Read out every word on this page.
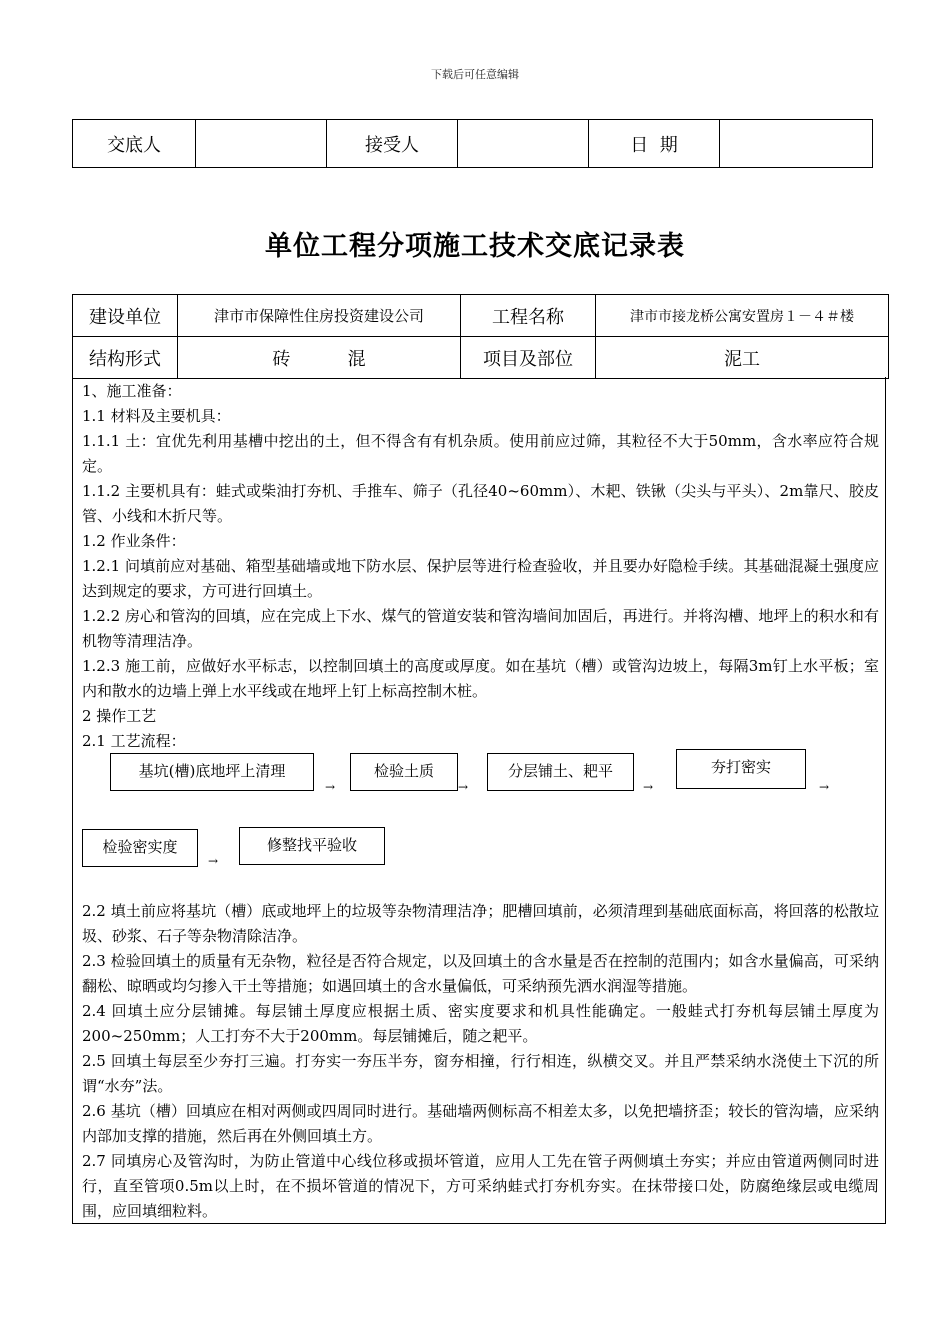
下载后可任意编辑
交底人		接受人		日  期	
单位工程分项施工技术交底记录表
建设单位	津市市保障性住房投资建设公司	工程名称	津市市接龙桥公寓安置房１－４＃楼
结构形式	砖          混	项目及部位	泥工

1、施工准备：

1.1 材料及主要机具：

1.1.1 土：宜优先利用基槽中挖出的土，但不得含有有机杂质。使用前应过筛，其粒径不大于50mm，含水率应符合规定。

1.1.2 主要机具有：蛙式或柴油打夯机、手推车、筛子（孔径40~60mm）、木耙、铁锹（尖头与平头）、2m靠尺、胶皮管、小线和木折尺等。

1.2 作业条件：

1.2.1 问填前应对基础、箱型基础墙或地下防水层、保护层等进行检查验收，并且要办好隐检手续。其基础混凝土强度应达到规定的要求，方可进行回填土。

1.2.2 房心和管沟的回填，应在完成上下水、煤气的管道安装和管沟墙间加固后，再进行。并将沟槽、地坪上的积水和有机物等清理洁净。

1.2.3 施工前，应做好水平标志，以控制回填土的高度或厚度。如在基坑（槽）或管沟边坡上，每隔3m钉上水平板；室内和散水的边墙上弹上水平线或在地坪上钉上标高控制木桩。

2 操作工艺

2.1 工艺流程：

基坑(槽)底地坪上清理
→
检验土质
→
分层铺土、耙平
→
夯打密实
→
检验密实度
→
修整找平验收

2.2 填土前应将基坑（槽）底或地坪上的垃圾等杂物清理洁净；肥槽回填前，必须清理到基础底面标高，将回落的松散垃圾、砂浆、石子等杂物清除洁净。

2.3 检验回填土的质量有无杂物，粒径是否符合规定，以及回填土的含水量是否在控制的范围内；如含水量偏高，可采纳翻松、晾晒或均匀掺入干土等措施；如遇回填土的含水量偏低，可采纳预先洒水润湿等措施。

2.4 回填土应分层铺摊。每层铺土厚度应根据土质、密实度要求和机具性能确定。一般蛙式打夯机每层铺土厚度为200~250mm；人工打夯不大于200mm。每层铺摊后，随之耙平。

2.5 回填土每层至少夯打三遍。打夯实一夯压半夯，窗夯相撞，行行相连，纵横交叉。并且严禁采纳水浇使土下沉的所谓“水夯”法。

2.6 基坑（槽）回填应在相对两侧或四周同时进行。基础墙两侧标高不相差太多，以免把墙挤歪；较长的管沟墙，应采纳内部加支撑的措施，然后再在外侧回填土方。

2.7 同填房心及管沟时，为防止管道中心线位移或损坏管道，应用人工先在管子两侧填土夯实；并应由管道两侧同时进行，直至管项0.5m以上时，在不损坏管道的情况下，方可采纳蛙式打夯机夯实。在抹带接口处，防腐绝缘层或电缆周围，应回填细粒料。
